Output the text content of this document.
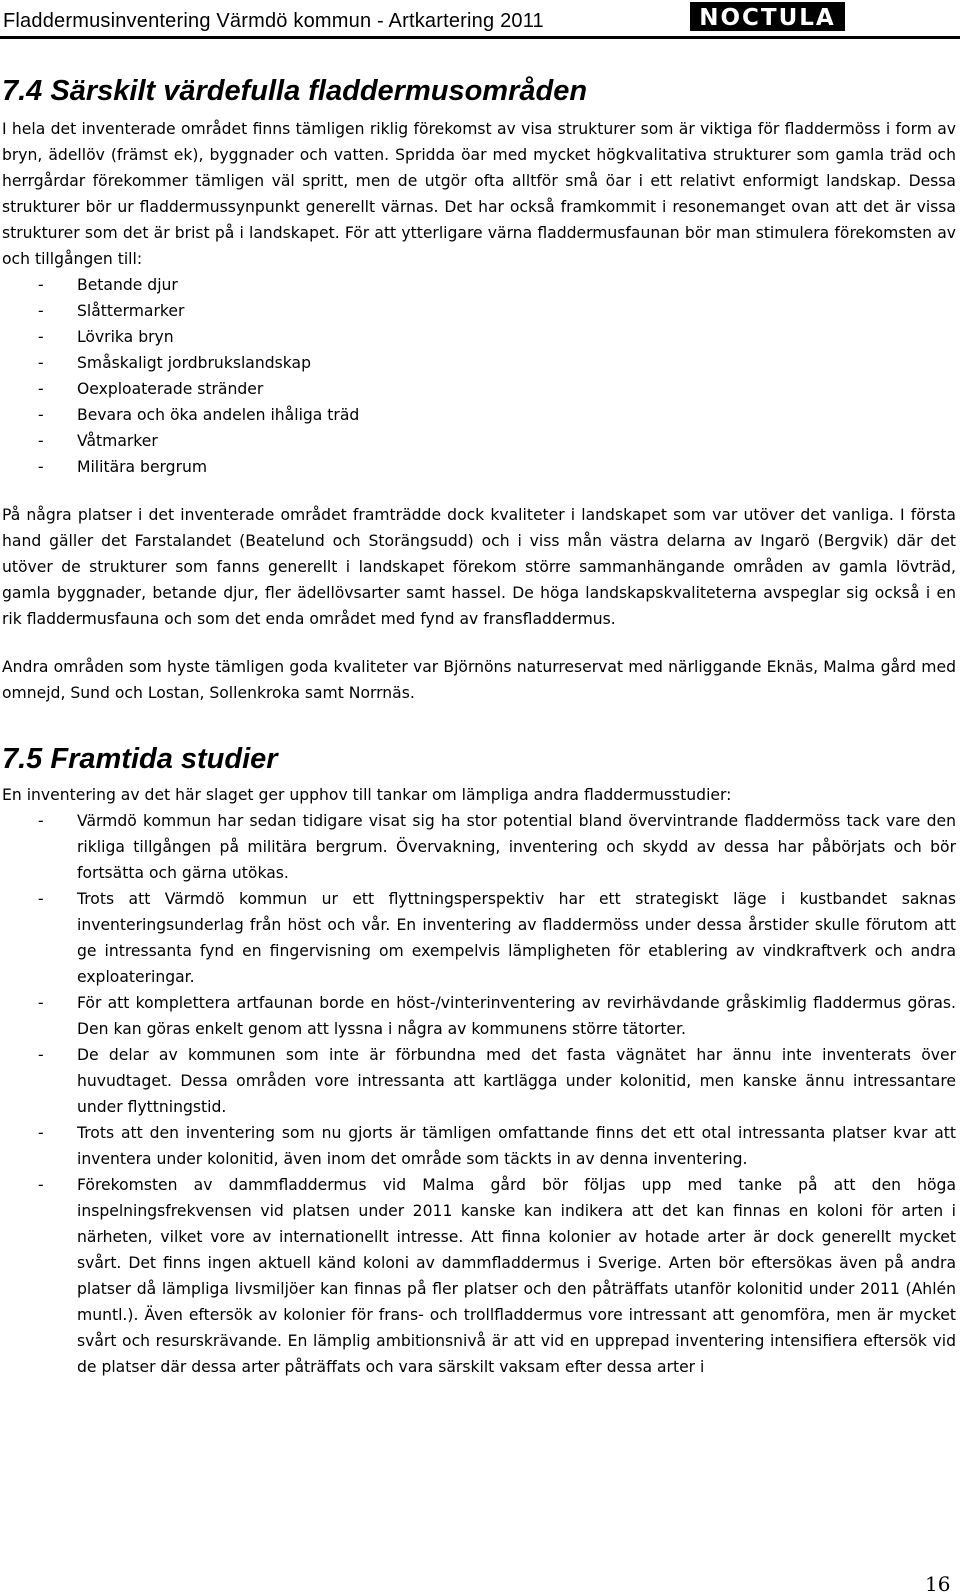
Fladdermusinventering Värmdö kommun - Artkartering 2011	NOCTULA
7.4 Särskilt värdefulla fladdermusområden

I hela det inventerade området finns tämligen riklig förekomst av visa strukturer som är viktiga för fladdermöss i form av bryn, ädellöv (främst ek), byggnader och vatten. Spridda öar med mycket högkvalitativa strukturer som gamla träd och herrgårdar förekommer tämligen väl spritt, men de utgör ofta alltför små öar i ett relativt enformigt landskap. Dessa strukturer bör ur fladdermussynpunkt generellt värnas. Det har också framkommit i resonemanget ovan att det är vissa strukturer som det är brist på i landskapet. För att ytterligare värna fladdermusfaunan bör man stimulera förekomsten av och tillgången till:

- Betande djur
- Slåttermarker
- Lövrika bryn
- Småskaligt jordbrukslandskap
- Oexploaterade stränder
- Bevara och öka andelen ihåliga träd
- Våtmarker
- Militära bergrum

På några platser i det inventerade området framträdde dock kvaliteter i landskapet som var utöver det vanliga. I första hand gäller det Farstalandet (Beatelund och Storängsudd) och i viss mån västra delarna av Ingarö (Bergvik) där det utöver de strukturer som fanns generellt i landskapet förekom större sammanhängande områden av gamla lövträd, gamla byggnader, betande djur, fler ädellövsarter samt hassel. De höga landskapskvaliteterna avspeglar sig också i en rik fladdermusfauna och som det enda området med fynd av fransfladdermus.

Andra områden som hyste tämligen goda kvaliteter var Björnöns naturreservat med närliggande Eknäs, Malma gård med omnejd, Sund och Lostan, Sollenkroka samt Norrnäs.

7.5 Framtida studier

En inventering av det här slaget ger upphov till tankar om lämpliga andra fladdermusstudier:

- Värmdö kommun har sedan tidigare visat sig ha stor potential bland övervintrande fladdermöss tack vare den rikliga tillgången på militära bergrum. Övervakning, inventering och skydd av dessa har påbörjats och bör fortsätta och gärna utökas.
- Trots att Värmdö kommun ur ett flyttningsperspektiv har ett strategiskt läge i kustbandet saknas inventeringsunderlag från höst och vår. En inventering av fladdermöss under dessa årstider skulle förutom att ge intressanta fynd en fingervisning om exempelvis lämpligheten för etablering av vindkraftverk och andra exploateringar.
- För att komplettera artfaunan borde en höst-/vinterinventering av revirhävdande gråskimlig fladdermus göras. Den kan göras enkelt genom att lyssna i några av kommunens större tätorter.
- De delar av kommunen som inte är förbundna med det fasta vägnätet har ännu inte inventerats över huvudtaget. Dessa områden vore intressanta att kartlägga under kolonitid, men kanske ännu intressantare under flyttningstid.
- Trots att den inventering som nu gjorts är tämligen omfattande finns det ett otal intressanta platser kvar att inventera under kolonitid, även inom det område som täckts in av denna inventering.
- Förekomsten av dammfladdermus vid Malma gård bör följas upp med tanke på att den höga inspelningsfrekvensen vid platsen under 2011 kanske kan indikera att det kan finnas en koloni för arten i närheten, vilket vore av internationellt intresse. Att finna kolonier av hotade arter är dock generellt mycket svårt. Det finns ingen aktuell känd koloni av dammfladdermus i Sverige. Arten bör eftersökas även på andra platser då lämpliga livsmiljöer kan finnas på fler platser och den påträffats utanför kolonitid under 2011 (Ahlén muntl.). Även eftersök av kolonier för frans- och trollfladdermus vore intressant att genomföra, men är mycket svårt och resurskrävande. En lämplig ambitionsnivå är att vid en upprepad inventering intensifiera eftersök vid de platser där dessa arter påträffats och vara särskilt vaksam efter dessa arter i
16
